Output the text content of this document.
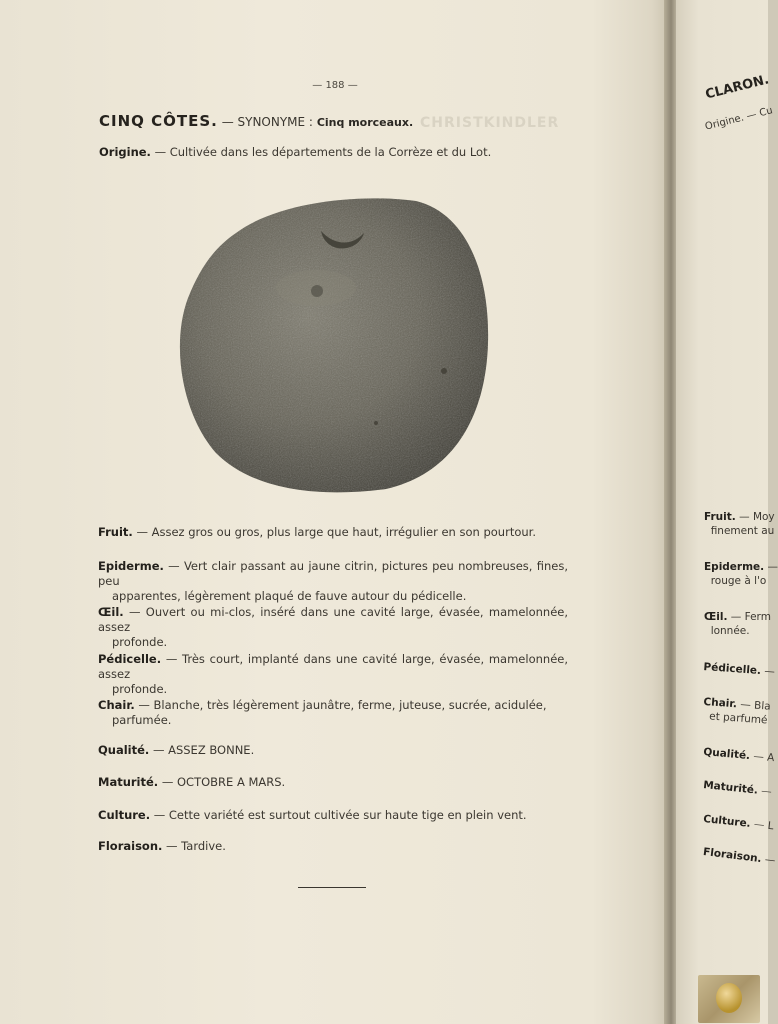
CHRISTKINDLER
— 188 —
CINQ CÔTES. — SYNONYME : Cinq morceaux.
Origine. — Cultivée dans les départements de la Corrèze et du Lot.
Fruit. — Assez gros ou gros, plus large que haut, irrégulier en son pourtour.
Epiderme. — Vert clair passant au jaune citrin, pictures peu nombreuses, fines, peu
apparentes, légèrement plaqué de fauve autour du pédicelle.
Œil. — Ouvert ou mi-clos, inséré dans une cavité large, évasée, mamelonnée, assez
profonde.
Pédicelle. — Très court, implanté dans une cavité large, évasée, mamelonnée, assez
profonde.
Chair. — Blanche, très légèrement jaunâtre, ferme, juteuse, sucrée, acidulée,
parfumée.
Qualité. — ASSEZ BONNE.
Maturité. — OCTOBRE A MARS.
Culture. — Cette variété est surtout cultivée sur haute tige en plein vent.
Floraison. — Tardive.
CLARON.
Origine. — Cu
Fruit. — Moy
finement au
Epiderme. —
rouge à l'o
Œil. — Ferm
lonnée.
Pédicelle. —
Chair. — Bla
et parfumé
Qualité. — A
Maturité. —
Culture. — L
Floraison. —
